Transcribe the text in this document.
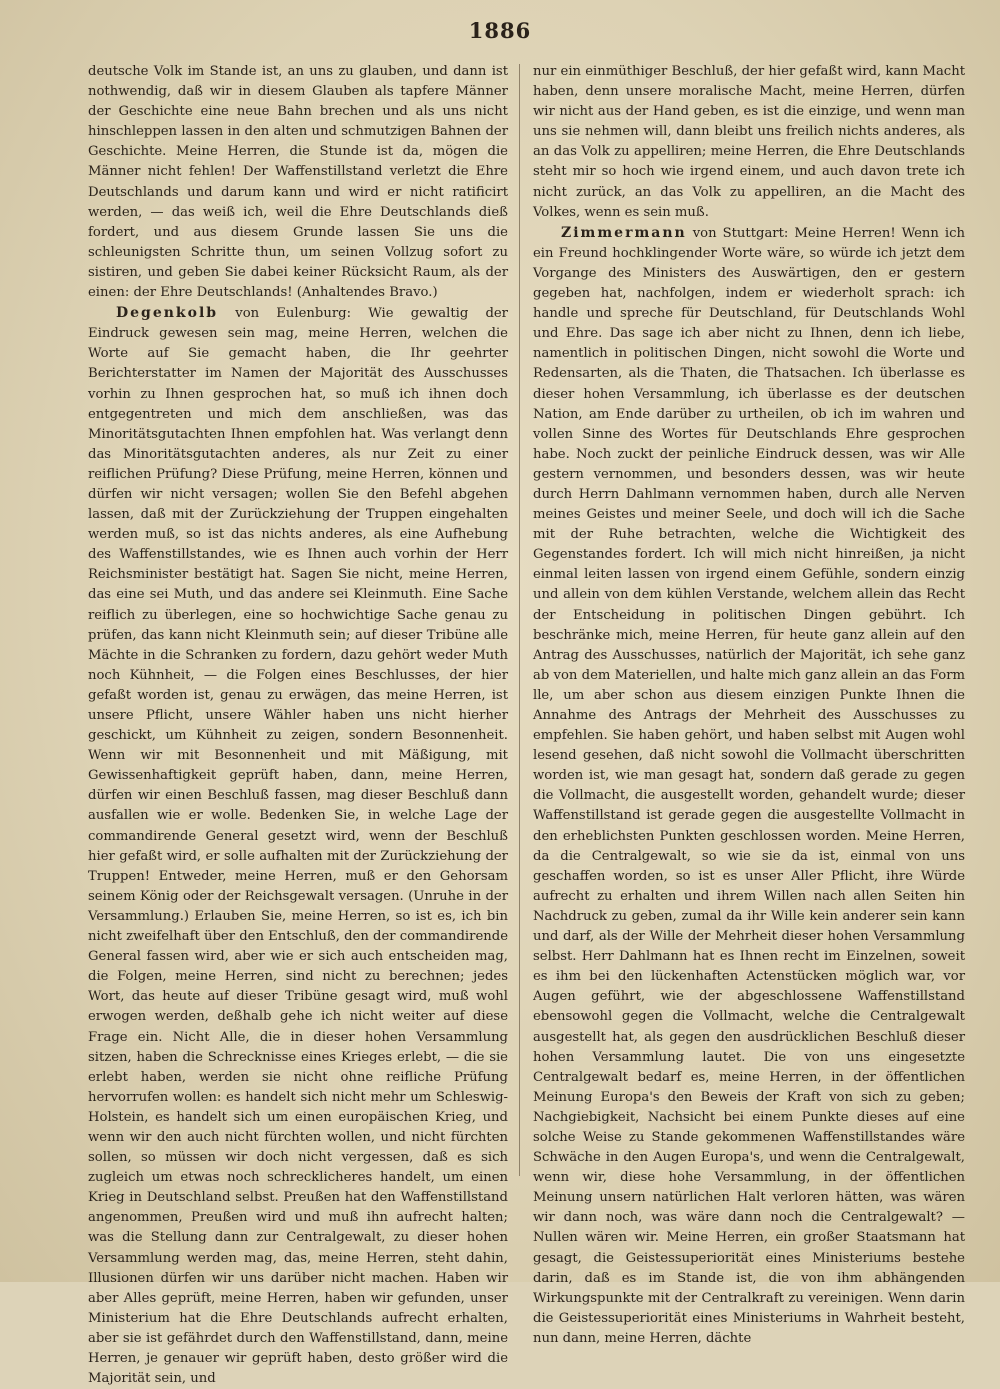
1886

deutsche Volk im Stande ist, an uns zu glauben, und dann ist nothwendig, daß wir in diesem Glauben als tapfere Männer der Geschichte eine neue Bahn brechen und als uns nicht hinschleppen lassen in den alten und schmutzigen Bahnen der Geschichte. Meine Herren, die Stunde ist da, mögen die Männer nicht fehlen! Der Waffenstillstand verletzt die Ehre Deutschlands und darum kann und wird er nicht ratificirt werden, — das weiß ich, weil die Ehre Deutschlands dieß fordert, und aus diesem Grunde lassen Sie uns die schleunigsten Schritte thun, um seinen Vollzug sofort zu sistiren, und geben Sie dabei keiner Rücksicht Raum, als der einen: der Ehre Deutschlands! (Anhaltendes Bravo.)

Degenkolb von Eulenburg: Wie gewaltig der Eindruck gewesen sein mag, meine Herren, welchen die Worte auf Sie gemacht haben, die Ihr geehrter Berichterstatter im Namen der Majorität des Ausschusses vorhin zu Ihnen gesprochen hat, so muß ich ihnen doch entgegentreten und mich dem anschließen, was das Minoritätsgutachten Ihnen empfohlen hat. Was verlangt denn das Minoritätsgutachten anderes, als nur Zeit zu einer reiflichen Prüfung? Diese Prüfung, meine Herren, können und dürfen wir nicht versagen; wollen Sie den Befehl abgehen lassen, daß mit der Zurückziehung der Truppen eingehalten werden muß, so ist das nichts anderes, als eine Aufhebung des Waffenstillstandes, wie es Ihnen auch vorhin der Herr Reichsminister bestätigt hat. Sagen Sie nicht, meine Herren, das eine sei Muth, und das andere sei Kleinmuth. Eine Sache reiflich zu überlegen, eine so hochwichtige Sache genau zu prüfen, das kann nicht Kleinmuth sein; auf dieser Tribüne alle Mächte in die Schranken zu fordern, dazu gehört weder Muth noch Kühnheit, — die Folgen eines Beschlusses, der hier gefaßt worden ist, genau zu erwägen, das meine Herren, ist unsere Pflicht, unsere Wähler haben uns nicht hierher geschickt, um Kühnheit zu zeigen, sondern Besonnenheit. Wenn wir mit Besonnenheit und mit Mäßigung, mit Gewissenhaftigkeit geprüft haben, dann, meine Herren, dürfen wir einen Beschluß fassen, mag dieser Beschluß dann ausfallen wie er wolle. Bedenken Sie, in welche Lage der commandirende General gesetzt wird, wenn der Beschluß hier gefaßt wird, er solle aufhalten mit der Zurückziehung der Truppen! Entweder, meine Herren, muß er den Gehorsam seinem König oder der Reichsgewalt versagen. (Unruhe in der Versammlung.) Erlauben Sie, meine Herren, so ist es, ich bin nicht zweifelhaft über den Entschluß, den der commandirende General fassen wird, aber wie er sich auch entscheiden mag, die Folgen, meine Herren, sind nicht zu berechnen; jedes Wort, das heute auf dieser Tribüne gesagt wird, muß wohl erwogen werden, deßhalb gehe ich nicht weiter auf diese Frage ein. Nicht Alle, die in dieser hohen Versammlung sitzen, haben die Schrecknisse eines Krieges erlebt, — die sie erlebt haben, werden sie nicht ohne reifliche Prüfung hervorrufen wollen: es handelt sich nicht mehr um Schleswig-Holstein, es handelt sich um einen europäischen Krieg, und wenn wir den auch nicht fürchten wollen, und nicht fürchten sollen, so müssen wir doch nicht vergessen, daß es sich zugleich um etwas noch schrecklicheres handelt, um einen Krieg in Deutschland selbst. Preußen hat den Waffenstillstand angenommen, Preußen wird und muß ihn aufrecht halten; was die Stellung dann zur Centralgewalt, zu dieser hohen Versammlung werden mag, das, meine Herren, steht dahin, Illusionen dürfen wir uns darüber nicht machen. Haben wir aber Alles geprüft, meine Herren, haben wir gefunden, unser Ministerium hat die Ehre Deutschlands aufrecht erhalten, aber sie ist gefährdet durch den Waffenstillstand, dann, meine Herren, je genauer wir geprüft haben, desto größer wird die Majorität sein, und

nur ein einmüthiger Beschluß, der hier gefaßt wird, kann Macht haben, denn unsere moralische Macht, meine Herren, dürfen wir nicht aus der Hand geben, es ist die einzige, und wenn man uns sie nehmen will, dann bleibt uns freilich nichts anderes, als an das Volk zu appelliren; meine Herren, die Ehre Deutschlands steht mir so hoch wie irgend einem, und auch davon trete ich nicht zurück, an das Volk zu appelliren, an die Macht des Volkes, wenn es sein muß.

Zimmermann von Stuttgart: Meine Herren! Wenn ich ein Freund hochklingender Worte wäre, so würde ich jetzt dem Vorgange des Ministers des Auswärtigen, den er gestern gegeben hat, nachfolgen, indem er wiederholt sprach: ich handle und spreche für Deutschland, für Deutschlands Wohl und Ehre. Das sage ich aber nicht zu Ihnen, denn ich liebe, namentlich in politischen Dingen, nicht sowohl die Worte und Redensarten, als die Thaten, die Thatsachen. Ich überlasse es dieser hohen Versammlung, ich überlasse es der deutschen Nation, am Ende darüber zu urtheilen, ob ich im wahren und vollen Sinne des Wortes für Deutschlands Ehre gesprochen habe. Noch zuckt der peinliche Eindruck dessen, was wir Alle gestern vernommen, und besonders dessen, was wir heute durch Herrn Dahlmann vernommen haben, durch alle Nerven meines Geistes und meiner Seele, und doch will ich die Sache mit der Ruhe betrachten, welche die Wichtigkeit des Gegenstandes fordert. Ich will mich nicht hinreißen, ja nicht einmal leiten lassen von irgend einem Gefühle, sondern einzig und allein von dem kühlen Verstande, welchem allein das Recht der Entscheidung in politischen Dingen gebührt. Ich beschränke mich, meine Herren, für heute ganz allein auf den Antrag des Ausschusses, natürlich der Majorität, ich sehe ganz ab von dem Materiellen, und halte mich ganz allein an das Form lle, um aber schon aus diesem einzigen Punkte Ihnen die Annahme des Antrags der Mehrheit des Ausschusses zu empfehlen. Sie haben gehört, und haben selbst mit Augen wohl lesend gesehen, daß nicht sowohl die Vollmacht überschritten worden ist, wie man gesagt hat, sondern daß gerade zu gegen die Vollmacht, die ausgestellt worden, gehandelt wurde; dieser Waffenstillstand ist gerade gegen die ausgestellte Vollmacht in den erheblichsten Punkten geschlossen worden. Meine Herren, da die Centralgewalt, so wie sie da ist, einmal von uns geschaffen worden, so ist es unser Aller Pflicht, ihre Würde aufrecht zu erhalten und ihrem Willen nach allen Seiten hin Nachdruck zu geben, zumal da ihr Wille kein anderer sein kann und darf, als der Wille der Mehrheit dieser hohen Versammlung selbst. Herr Dahlmann hat es Ihnen recht im Einzelnen, soweit es ihm bei den lückenhaften Actenstücken möglich war, vor Augen geführt, wie der abgeschlossene Waffenstillstand ebensowohl gegen die Vollmacht, welche die Centralgewalt ausgestellt hat, als gegen den ausdrücklichen Beschluß dieser hohen Versammlung lautet. Die von uns eingesetzte Centralgewalt bedarf es, meine Herren, in der öffentlichen Meinung Europa's den Beweis der Kraft von sich zu geben; Nachgiebigkeit, Nachsicht bei einem Punkte dieses auf eine solche Weise zu Stande gekommenen Waffenstillstandes wäre Schwäche in den Augen Europa's, und wenn die Centralgewalt, wenn wir, diese hohe Versammlung, in der öffentlichen Meinung unsern natürlichen Halt verloren hätten, was wären wir dann noch, was wäre dann noch die Centralgewalt? — Nullen wären wir. Meine Herren, ein großer Staatsmann hat gesagt, die Geistessuperiorität eines Ministeriums bestehe darin, daß es im Stande ist, die von ihm abhängenden Wirkungspunkte mit der Centralkraft zu vereinigen. Wenn darin die Geistessuperiorität eines Ministeriums in Wahrheit besteht, nun dann, meine Herren, dächte
